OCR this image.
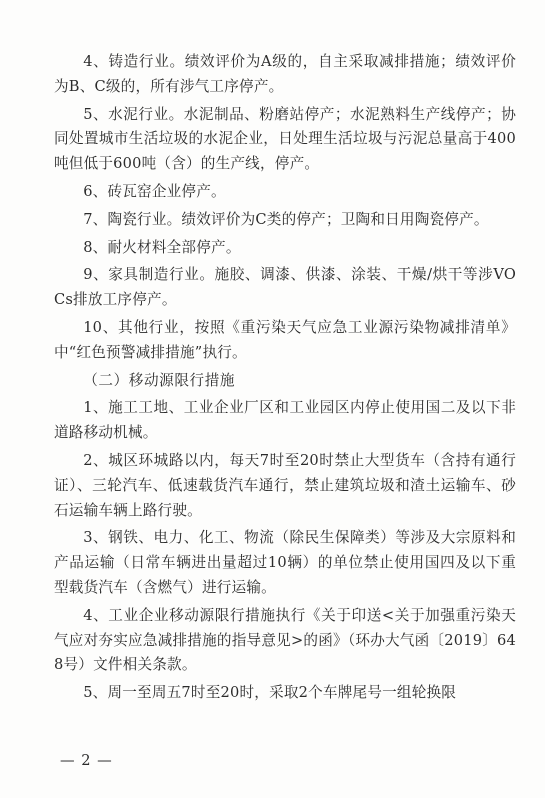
4、铸造行业。绩效评价为A级的，自主采取减排措施；绩效评价为B、C级的，所有涉气工序停产。

5、水泥行业。水泥制品、粉磨站停产；水泥熟料生产线停产；协同处置城市生活垃圾的水泥企业，日处理生活垃圾与污泥总量高于400吨但低于600吨（含）的生产线，停产。

6、砖瓦窑企业停产。

7、陶瓷行业。绩效评价为C类的停产；卫陶和日用陶瓷停产。

8、耐火材料全部停产。

9、家具制造行业。施胶、调漆、供漆、涂装、干燥/烘干等涉VOCs排放工序停产。

10、其他行业，按照《重污染天气应急工业源污染物减排清单》中“红色预警减排措施”执行。

（二）移动源限行措施

1、施工工地、工业企业厂区和工业园区内停止使用国二及以下非道路移动机械。

2、城区环城路以内，每天7时至20时禁止大型货车（含持有通行证）、三轮汽车、低速载货汽车通行，禁止建筑垃圾和渣土运输车、砂石运输车辆上路行驶。

3、钢铁、电力、化工、物流（除民生保障类）等涉及大宗原料和产品运输（日常车辆进出量超过10辆）的单位禁止使用国四及以下重型载货汽车（含燃气）进行运输。

4、工业企业移动源限行措施执行《关于印送<关于加强重污染天气应对夯实应急减排措施的指导意见>的函》（环办大气函〔2019〕648号）文件相关条款。

5、周一至周五7时至20时，采取2个车牌尾号一组轮换限

— 2 —
